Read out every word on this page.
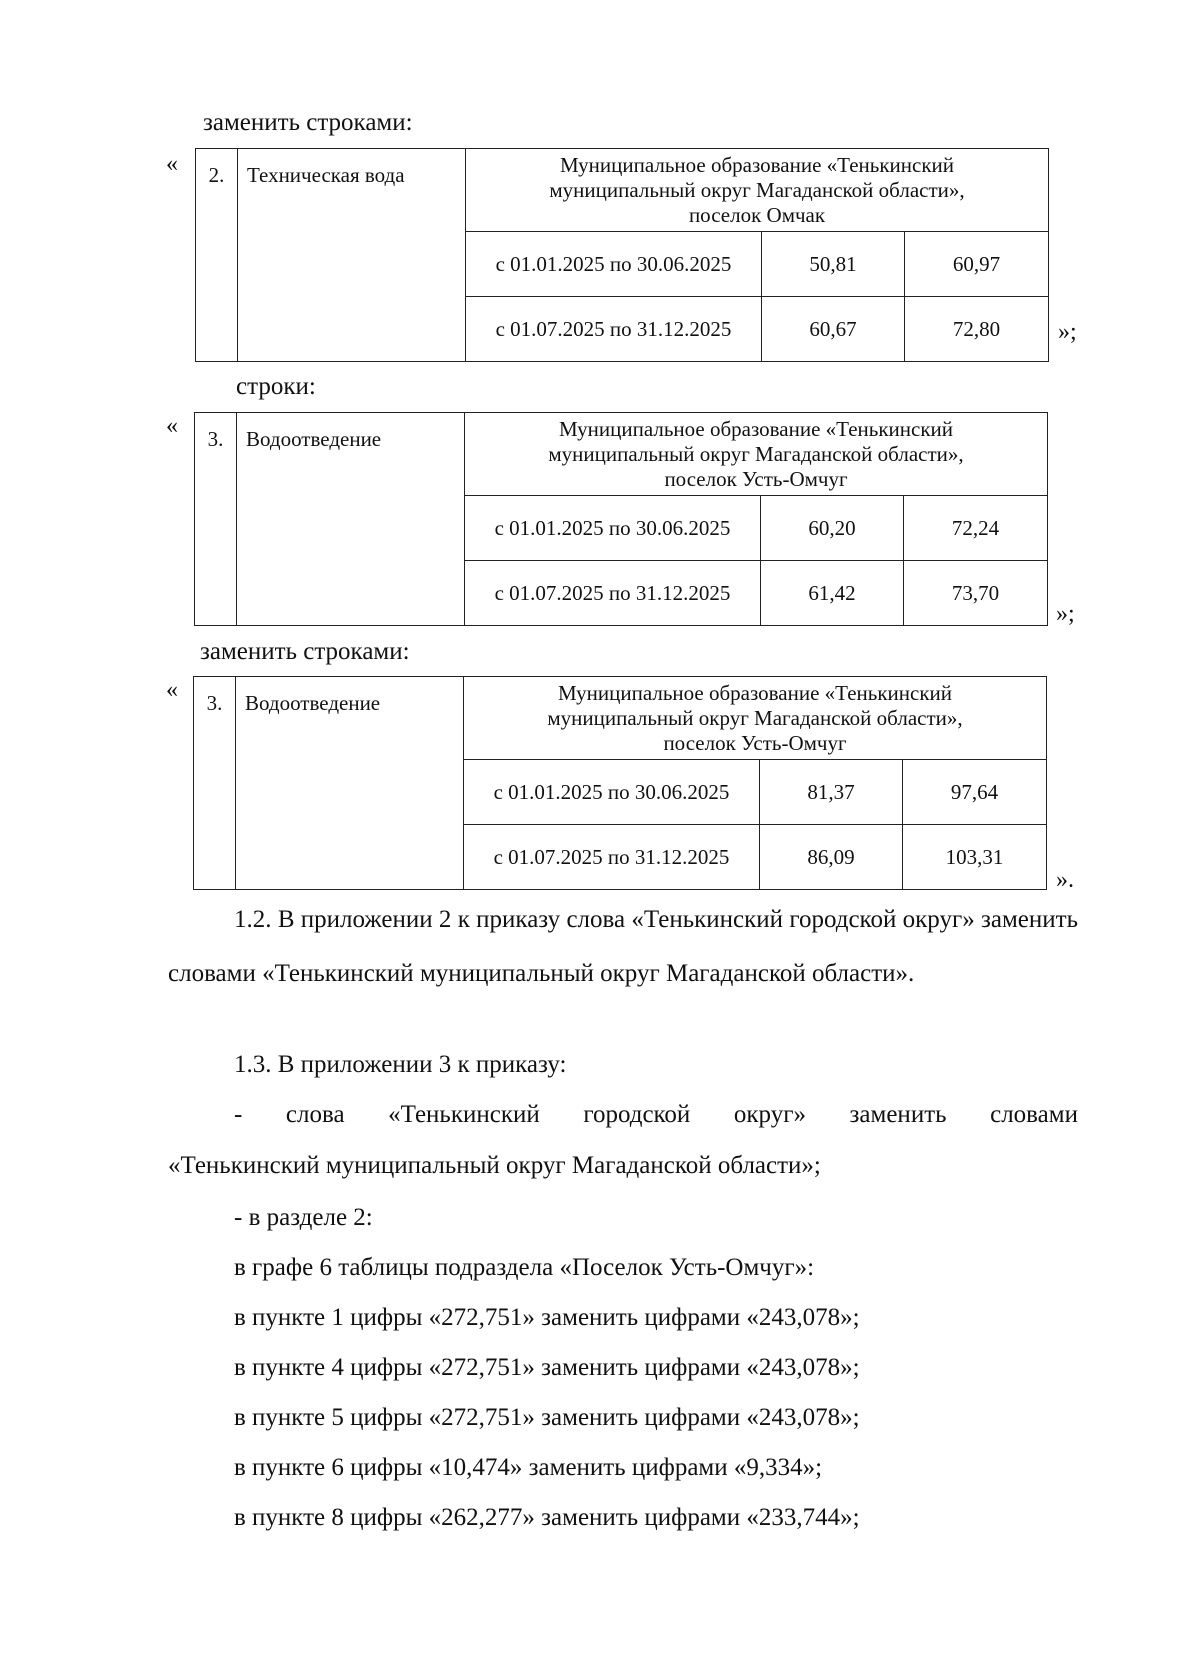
заменить строками:
« 2.	Техническая вода	Муниципальное образование «Тенькинский
муниципальный округ Магаданской области»,
поселок Омчак		

		с 01.01.2025 по 30.06.2025	50,81	60,97
		с 01.07.2025 по 31.12.2025	60,67	72,80 »;
строки:
« 3.	Водоотведение	Муниципальное образование «Тенькинский
муниципальный округ Магаданской области»,
поселок Усть-Омчуг		

		с 01.01.2025 по 30.06.2025	60,20	72,24
		с 01.07.2025 по 31.12.2025	61,42	73,70
»;
заменить строками:
« 3.	Водоотведение	Муниципальное образование «Тенькинский
муниципальный округ Магаданской области»,
поселок Усть-Омчуг		

		с 01.01.2025 по 30.06.2025	81,37	97,64
		с 01.07.2025 по 31.12.2025	86,09	103,31
».
1.2. В приложении 2 к приказу слова «Тенькинский городской округ» заменить словами «Тенькинский муниципальный округ Магаданской области».
1.3. В приложении 3 к приказу:
- слова «Тенькинский городской округ» заменить словами
«Тенькинский муниципальный округ Магаданской области»;
- в разделе 2:
в графе 6 таблицы подраздела «Поселок Усть-Омчуг»:
в пункте 1 цифры «272,751» заменить цифрами «243,078»;
в пункте 4 цифры «272,751» заменить цифрами «243,078»;
в пункте 5 цифры «272,751» заменить цифрами «243,078»;
в пункте 6 цифры «10,474» заменить цифрами «9,334»;
в пункте 8 цифры «262,277» заменить цифрами «233,744»;
